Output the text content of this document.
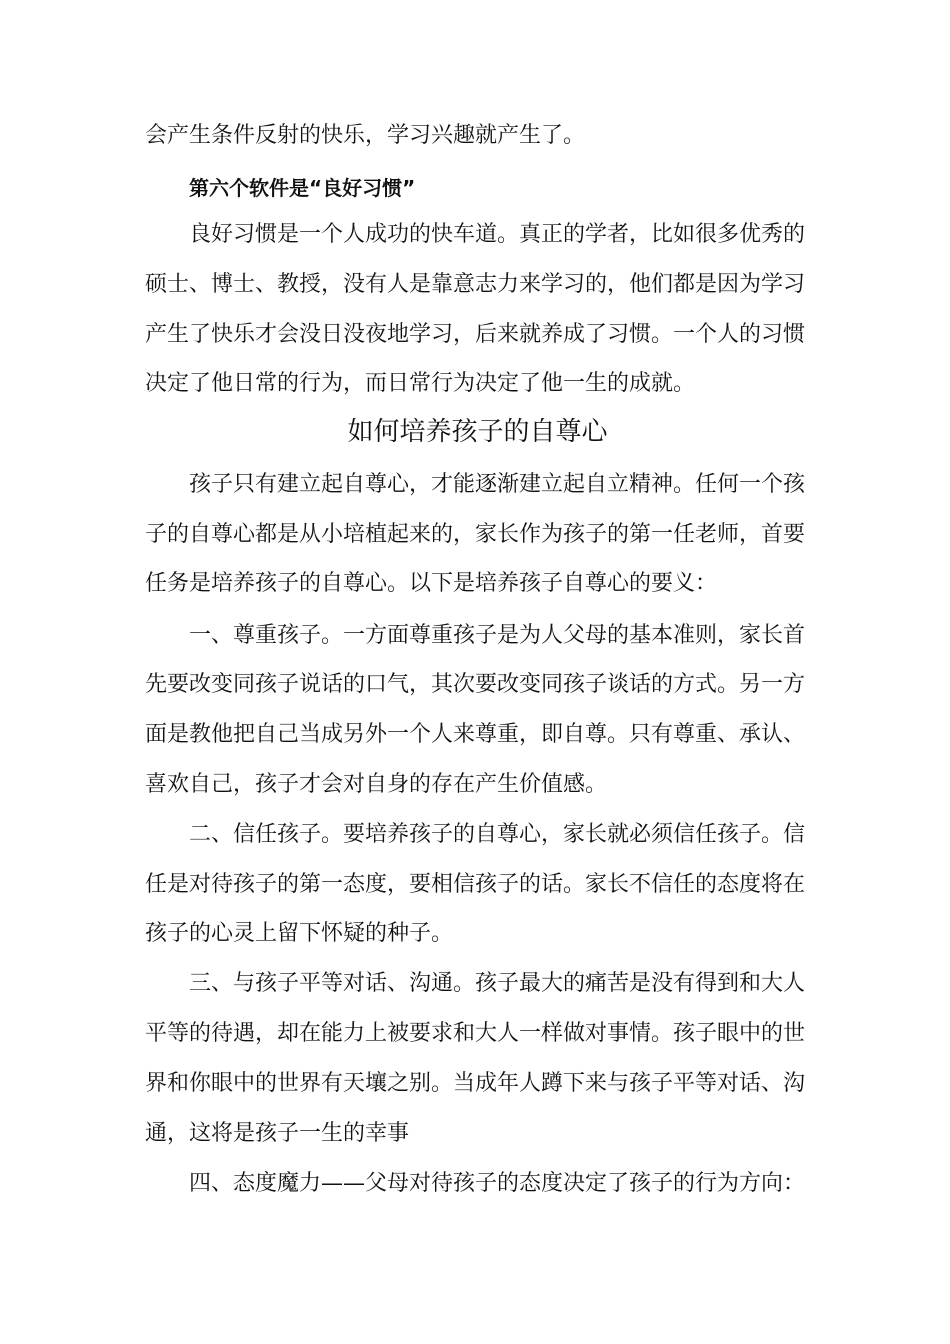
会产生条件反射的快乐，学习兴趣就产生了。
第六个软件是“良好习惯”
良好习惯是一个人成功的快车道。真正的学者，比如很多优秀的
硕士、博士、教授，没有人是靠意志力来学习的，他们都是因为学习
产生了快乐才会没日没夜地学习，后来就养成了习惯。一个人的习惯
决定了他日常的行为，而日常行为决定了他一生的成就。
如何培养孩子的自尊心
孩子只有建立起自尊心，才能逐渐建立起自立精神。任何一个孩
子的自尊心都是从小培植起来的，家长作为孩子的第一任老师，首要
任务是培养孩子的自尊心。以下是培养孩子自尊心的要义：
一、尊重孩子。一方面尊重孩子是为人父母的基本准则，家长首
先要改变同孩子说话的口气，其次要改变同孩子谈话的方式。另一方
面是教他把自己当成另外一个人来尊重，即自尊。只有尊重、承认、
喜欢自己，孩子才会对自身的存在产生价值感。
二、信任孩子。要培养孩子的自尊心，家长就必须信任孩子。信
任是对待孩子的第一态度，要相信孩子的话。家长不信任的态度将在
孩子的心灵上留下怀疑的种子。
三、与孩子平等对话、沟通。孩子最大的痛苦是没有得到和大人
平等的待遇，却在能力上被要求和大人一样做对事情。孩子眼中的世
界和你眼中的世界有天壤之别。当成年人蹲下来与孩子平等对话、沟
通，这将是孩子一生的幸事
四、态度魔力——父母对待孩子的态度决定了孩子的行为方向：
